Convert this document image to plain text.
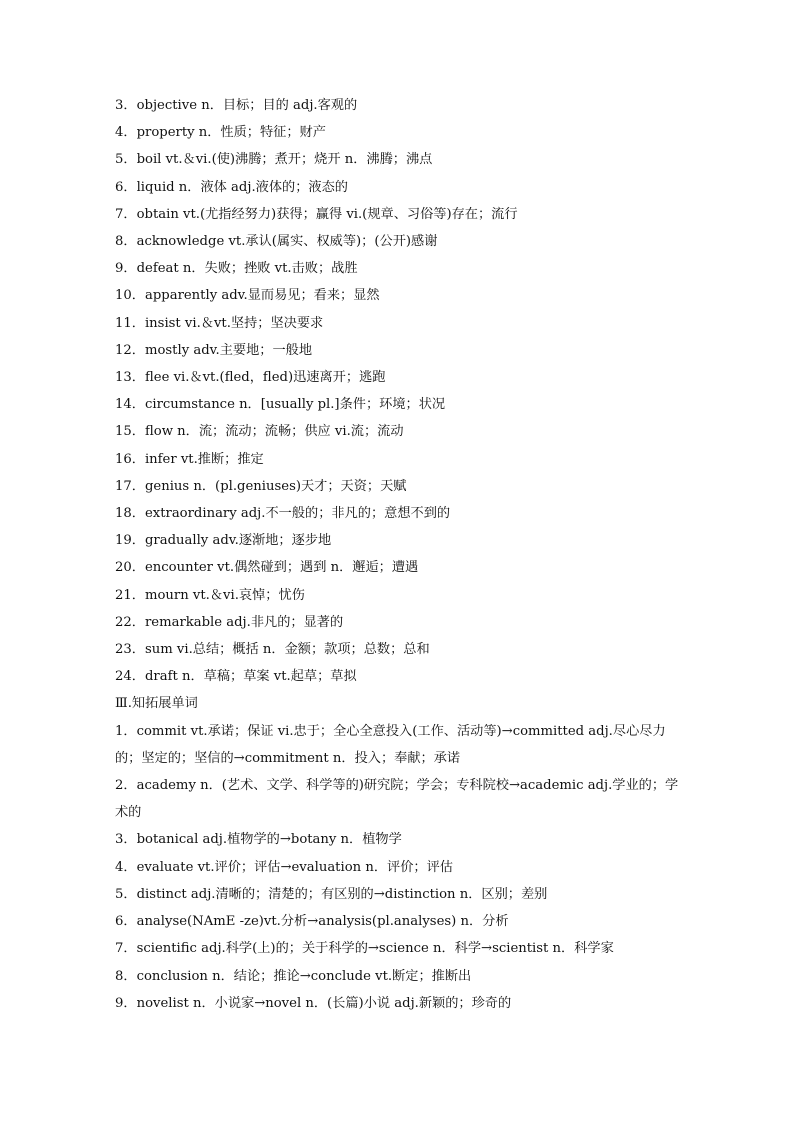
3．objective n．目标；目的 adj.客观的
4．property n．性质；特征；财产
5．boil vt.＆vi.(使)沸腾；煮开；烧开 n．沸腾；沸点
6．liquid n．液体 adj.液体的；液态的
7．obtain vt.(尤指经努力)获得；赢得 vi.(规章、习俗等)存在；流行
8．acknowledge vt.承认(属实、权威等)；(公开)感谢
9．defeat n．失败；挫败 vt.击败；战胜
10．apparently adv.显而易见；看来；显然
11．insist vi.＆vt.坚持；坚决要求
12．mostly adv.主要地；一般地
13．flee vi.＆vt.(fled，fled)迅速离开；逃跑
14．circumstance n．[usually pl.]条件；环境；状况
15．flow n．流；流动；流畅；供应 vi.流；流动
16．infer vt.推断；推定
17．genius n．(pl.geniuses)天才；天资；天赋
18．extraordinary adj.不一般的；非凡的；意想不到的
19．gradually adv.逐渐地；逐步地
20．encounter vt.偶然碰到；遇到 n．邂逅；遭遇
21．mourn vt.＆vi.哀悼；忧伤
22．remarkable adj.非凡的；显著的
23．sum vi.总结；概括 n．金额；款项；总数；总和
24．draft n．草稿；草案 vt.起草；草拟
Ⅲ.知拓展单词
1．commit vt.承诺；保证 vi.忠于；全心全意投入(工作、活动等)→committed adj.尽心尽力的；坚定的；坚信的→commitment n．投入；奉献；承诺
2．academy n．(艺术、文学、科学等的)研究院；学会；专科院校→academic adj.学业的；学术的
3．botanical adj.植物学的→botany n．植物学
4．evaluate vt.评价；评估→evaluation n．评价；评估
5．distinct adj.清晰的；清楚的；有区别的→distinction n．区别；差别
6．analyse(NAmE -ze)vt.分析→analysis(pl.analyses) n．分析
7．scientific adj.科学(上)的；关于科学的→science n．科学→scientist n．科学家
8．conclusion n．结论；推论→conclude vt.断定；推断出
9．novelist n．小说家→novel n．(长篇)小说 adj.新颖的；珍奇的
